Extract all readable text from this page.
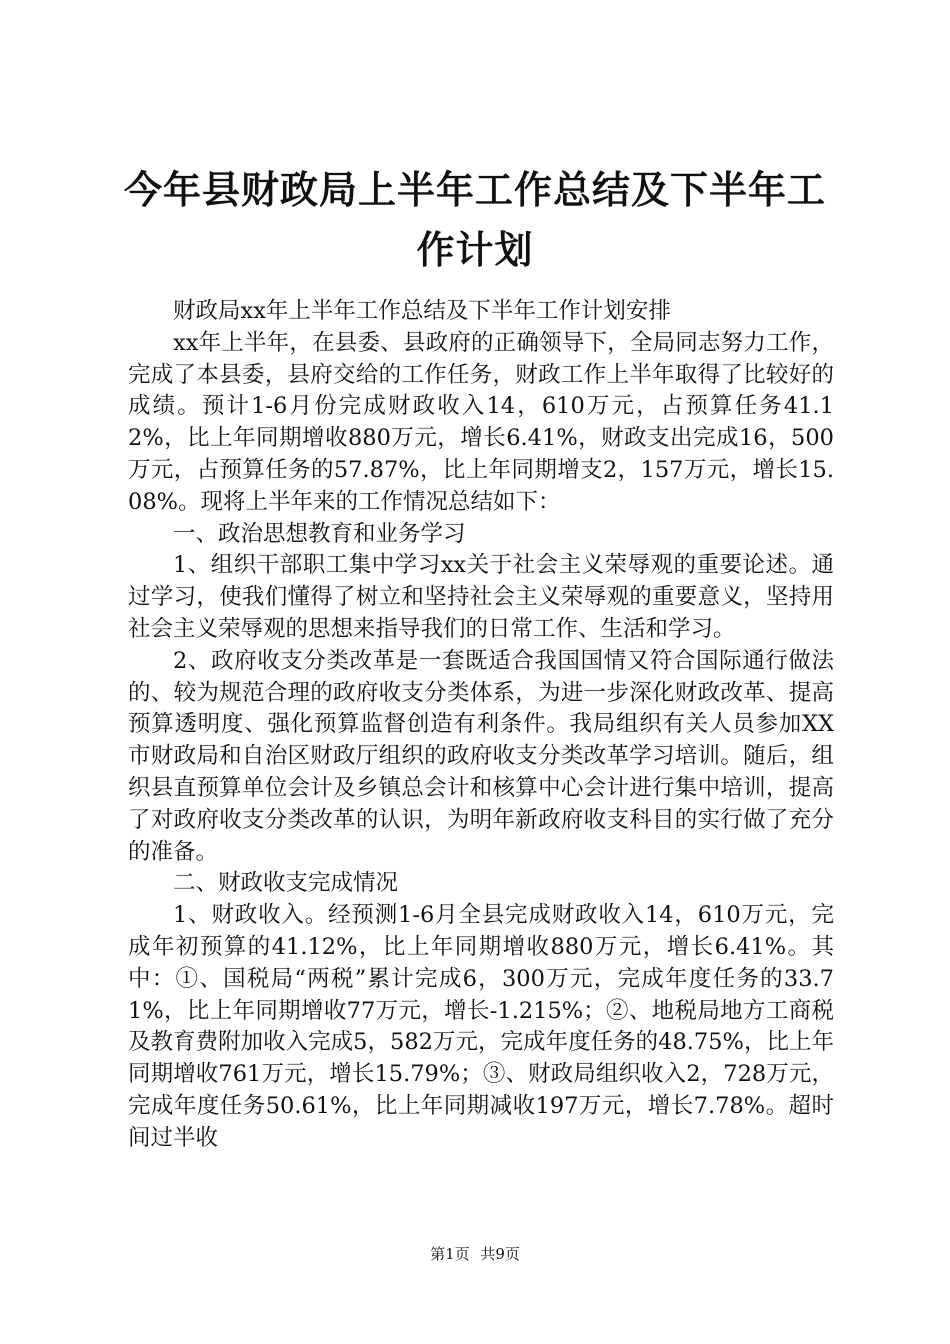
今年县财政局上半年工作总结及下半年工作计划

财政局xx年上半年工作总结及下半年工作计划安排

xx年上半年，在县委、县政府的正确领导下，全局同志努力工作，完成了本县委，县府交给的工作任务，财政工作上半年取得了比较好的成绩。预计1-6月份完成财政收入14，610万元，占预算任务41.12%，比上年同期增收880万元，增长6.41%，财政支出完成16，500万元，占预算任务的57.87%，比上年同期增支2，157万元，增长15.08%。现将上半年来的工作情况总结如下：

一、政治思想教育和业务学习

1、组织干部职工集中学习xx关于社会主义荣辱观的重要论述。通过学习，使我们懂得了树立和坚持社会主义荣辱观的重要意义，坚持用社会主义荣辱观的思想来指导我们的日常工作、生活和学习。

2、政府收支分类改革是一套既适合我国国情又符合国际通行做法的、较为规范合理的政府收支分类体系，为进一步深化财政改革、提高预算透明度、强化预算监督创造有利条件。我局组织有关人员参加XX市财政局和自治区财政厅组织的政府收支分类改革学习培训。随后，组织县直预算单位会计及乡镇总会计和核算中心会计进行集中培训，提高了对政府收支分类改革的认识，为明年新政府收支科目的实行做了充分的准备。

二、财政收支完成情况

1、财政收入。经预测1-6月全县完成财政收入14，610万元，完成年初预算的41.12%，比上年同期增收880万元，增长6.41%。其中：①、国税局“两税”累计完成6，300万元，完成年度任务的33.71%，比上年同期增收77万元，增长-1.215%；②、地税局地方工商税及教育费附加收入完成5，582万元，完成年度任务的48.75%，比上年同期增收761万元，增长15.79%；③、财政局组织收入2，728万元，完成年度任务50.61%，比上年同期减收197万元，增长7.78%。超时间过半收

第1页 共9页
